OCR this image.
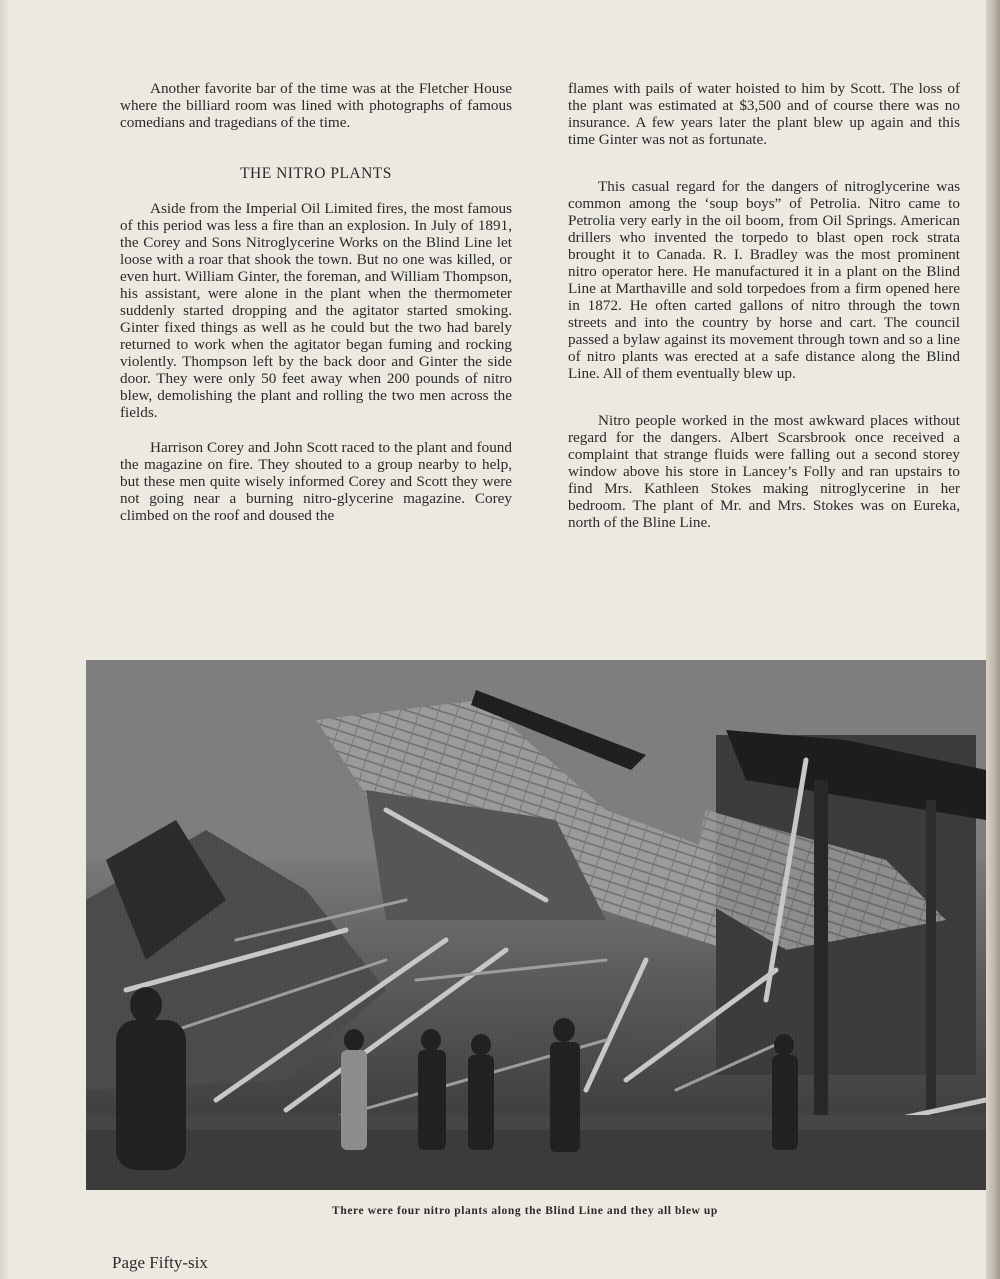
Another favorite bar of the time was at the Fletcher House where the billiard room was lined with photographs of famous comedians and tragedians of the time.

THE NITRO PLANTS

Aside from the Imperial Oil Limited fires, the most famous of this period was less a fire than an explosion. In July of 1891, the Corey and Sons Nitroglycerine Works on the Blind Line let loose with a roar that shook the town. But no one was killed, or even hurt. William Ginter, the foreman, and William Thompson, his assistant, were alone in the plant when the thermometer suddenly started dropping and the agitator started smoking. Ginter fixed things as well as he could but the two had barely returned to work when the agitator began fuming and rocking violently. Thompson left by the back door and Ginter the side door. They were only 50 feet away when 200 pounds of nitro blew, demolishing the plant and rolling the two men across the fields.

Harrison Corey and John Scott raced to the plant and found the magazine on fire. They shouted to a group nearby to help, but these men quite wisely informed Corey and Scott they were not going near a burning nitro-glycerine magazine. Corey climbed on the roof and doused the

flames with pails of water hoisted to him by Scott. The loss of the plant was estimated at $3,500 and of course there was no insurance. A few years later the plant blew up again and this time Ginter was not as fortunate.

This casual regard for the dangers of nitroglycerine was common among the ‘soup boys” of Petrolia. Nitro came to Petrolia very early in the oil boom, from Oil Springs. American drillers who invented the torpedo to blast open rock strata brought it to Canada. R. I. Bradley was the most prominent nitro operator here. He manufactured it in a plant on the Blind Line at Marthaville and sold torpedoes from a firm opened here in 1872. He often carted gallons of nitro through the town streets and into the country by horse and cart. The council passed a bylaw against its movement through town and so a line of nitro plants was erected at a safe distance along the Blind Line. All of them eventually blew up.

Nitro people worked in the most awkward places without regard for the dangers. Albert Scarsbrook once received a complaint that strange fluids were falling out a second storey window above his store in Lancey’s Folly and ran upstairs to find Mrs. Kathleen Stokes making nitroglycerine in her bedroom. The plant of Mr. and Mrs. Stokes was on Eureka, north of the Bline Line.

There were four nitro plants along the Blind Line and they all blew up
Page Fifty-six
